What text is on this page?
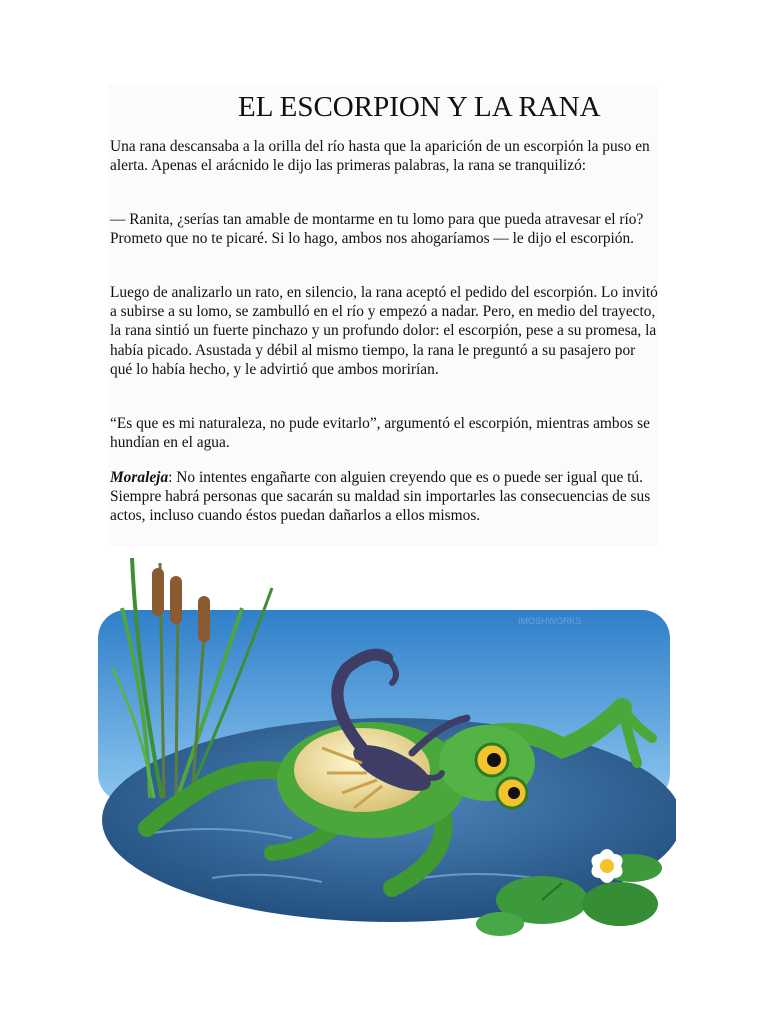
EL ESCORPION Y LA RANA

Una rana descansaba a la orilla del río hasta que la aparición de un escorpión la puso en alerta. Apenas el arácnido le dijo las primeras palabras, la rana se tranquilizó:

— Ranita, ¿serías tan amable de montarme en tu lomo para que pueda atravesar el río? Prometo que no te picaré. Si lo hago, ambos nos ahogaríamos — le dijo el escorpión.

Luego de analizarlo un rato, en silencio, la rana aceptó el pedido del escorpión. Lo invitó a subirse a su lomo, se zambulló en el río y empezó a nadar. Pero, en medio del trayecto, la rana sintió un fuerte pinchazo y un profundo dolor: el escorpión, pese a su promesa, la había picado. Asustada y débil al mismo tiempo, la rana le preguntó a su pasajero por qué lo había hecho, y le advirtió que ambos morirían.

“Es que es mi naturaleza, no pude evitarlo”, argumentó el escorpión, mientras ambos se hundían en el agua.

Moraleja: No intentes engañarte con alguien creyendo que es o puede ser igual que tú. Siempre habrá personas que sacarán su maldad sin importarles las consecuencias de sus actos, incluso cuando éstos puedan dañarlos a ellos mismos.

IMOSHWORKS
